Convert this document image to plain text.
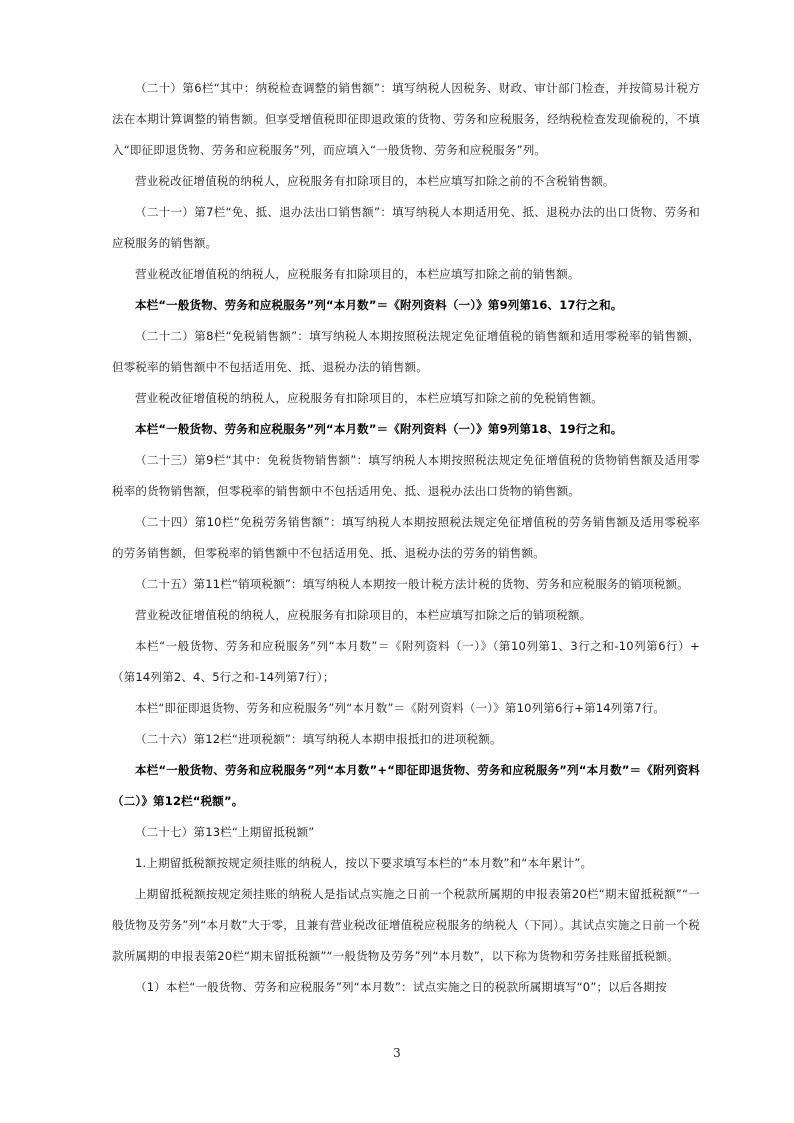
（二十）第6栏“其中：纳税检查调整的销售额”：填写纳税人因税务、财政、审计部门检查，并按简易计税方法在本期计算调整的销售额。但享受增值税即征即退政策的货物、劳务和应税服务，经纳税检查发现偷税的，不填入“即征即退货物、劳务和应税服务”列，而应填入“一般货物、劳务和应税服务”列。

营业税改征增值税的纳税人，应税服务有扣除项目的，本栏应填写扣除之前的不含税销售额。

（二十一）第7栏“免、抵、退办法出口销售额”：填写纳税人本期适用免、抵、退税办法的出口货物、劳务和应税服务的销售额。

营业税改征增值税的纳税人，应税服务有扣除项目的，本栏应填写扣除之前的销售额。

本栏“一般货物、劳务和应税服务”列“本月数”＝《附列资料（一）》第9列第16、17行之和。

（二十二）第8栏“免税销售额”：填写纳税人本期按照税法规定免征增值税的销售额和适用零税率的销售额，但零税率的销售额中不包括适用免、抵、退税办法的销售额。

营业税改征增值税的纳税人，应税服务有扣除项目的，本栏应填写扣除之前的免税销售额。

本栏“一般货物、劳务和应税服务”列“本月数”＝《附列资料（一）》第9列第18、19行之和。

（二十三）第9栏“其中：免税货物销售额”：填写纳税人本期按照税法规定免征增值税的货物销售额及适用零税率的货物销售额，但零税率的销售额中不包括适用免、抵、退税办法出口货物的销售额。

（二十四）第10栏“免税劳务销售额”：填写纳税人本期按照税法规定免征增值税的劳务销售额及适用零税率的劳务销售额，但零税率的销售额中不包括适用免、抵、退税办法的劳务的销售额。

（二十五）第11栏“销项税额”：填写纳税人本期按一般计税方法计税的货物、劳务和应税服务的销项税额。

营业税改征增值税的纳税人，应税服务有扣除项目的，本栏应填写扣除之后的销项税额。

本栏“一般货物、劳务和应税服务”列“本月数”＝《附列资料（一）》（第10列第1、3行之和-10列第6行）+（第14列第2、4、5行之和-14列第7行）；

本栏“即征即退货物、劳务和应税服务”列“本月数”＝《附列资料（一）》第10列第6行+第14列第7行。

（二十六）第12栏“进项税额”：填写纳税人本期申报抵扣的进项税额。

本栏“一般货物、劳务和应税服务”列“本月数”+“即征即退货物、劳务和应税服务”列“本月数”＝《附列资料（二）》第12栏“税额”。

（二十七）第13栏“上期留抵税额”

1.上期留抵税额按规定须挂账的纳税人，按以下要求填写本栏的“本月数”和“本年累计”。

上期留抵税额按规定须挂账的纳税人是指试点实施之日前一个税款所属期的申报表第20栏“期末留抵税额”“一般货物及劳务”列“本月数”大于零，且兼有营业税改征增值税应税服务的纳税人（下同）。其试点实施之日前一个税款所属期的申报表第20栏“期末留抵税额”“一般货物及劳务”列“本月数”，以下称为货物和劳务挂账留抵税额。

（1）本栏“一般货物、劳务和应税服务”列“本月数”：试点实施之日的税款所属期填写“0”；以后各期按

3
